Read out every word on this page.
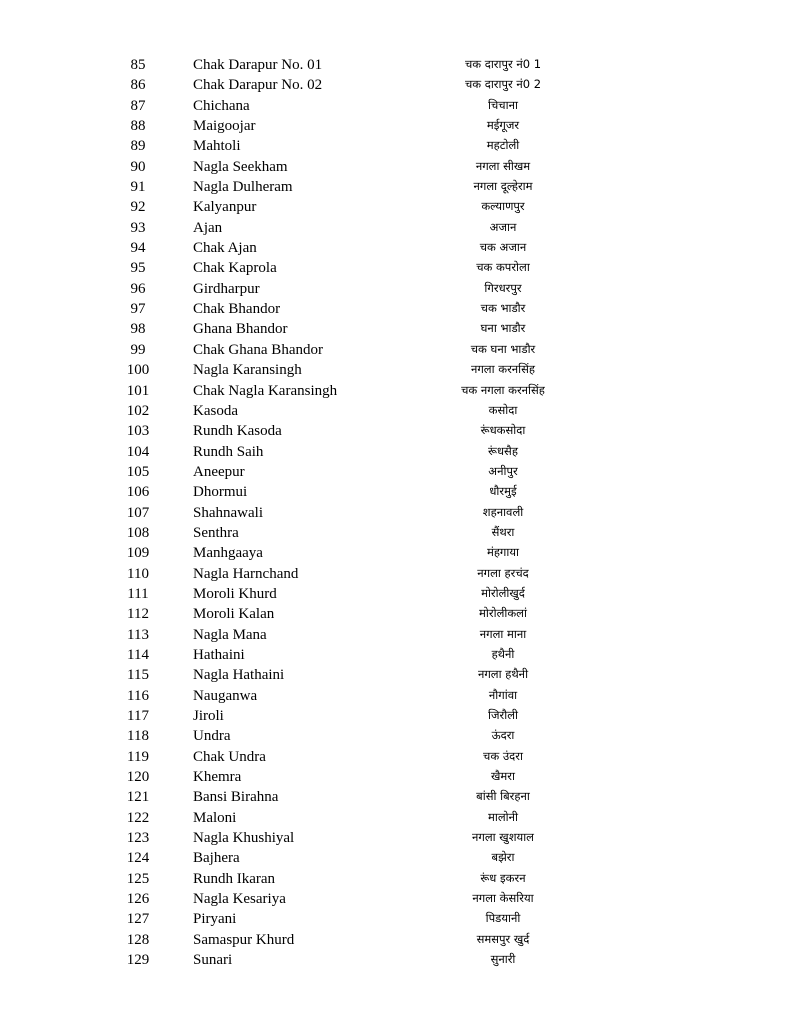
85	Chak Darapur No. 01	चक दारापुर नं0 1
86	Chak Darapur No. 02	चक दारापुर नं0 2
87	Chichana	चिचाना
88	Maigoojar	मईगूजर
89	Mahtoli	महटोली
90	Nagla Seekham	नगला सीखम
91	Nagla Dulheram	नगला दूल्हेराम
92	Kalyanpur	कल्याणपुर
93	Ajan	अजान
94	Chak Ajan	चक अजान
95	Chak Kaprola	चक कपरोला
96	Girdharpur	गिरधरपुर
97	Chak Bhandor	चक भाडौर
98	Ghana Bhandor	घना भाडौर
99	Chak Ghana Bhandor	चक घना भाडौर
100	Nagla Karansingh	नगला करनसिंह
101	Chak Nagla Karansingh	चक नगला करनसिंह
102	Kasoda	कसोदा
103	Rundh Kasoda	रूंधकसोदा
104	Rundh Saih	रूंधसैह
105	Aneepur	अनीपुर
106	Dhormui	धौरमुई
107	Shahnawali	शहनावली
108	Senthra	सैंथरा
109	Manhgaaya	मंहगाया
110	Nagla Harnchand	नगला हरचंद
111	Moroli Khurd	मोरोलीखुर्द
112	Moroli Kalan	मोरोलीकलां
113	Nagla Mana	नगला माना
114	Hathaini	हथैनी
115	Nagla Hathaini	नगला हथैनी
116	Nauganwa	नौगांवा
117	Jiroli	जिरौली
118	Undra	ऊंदरा
119	Chak Undra	चक उंदरा
120	Khemra	खैमरा
121	Bansi Birahna	बांसी बिरहना
122	Maloni	मालोनी
123	Nagla Khushiyal	नगला खुशयाल
124	Bajhera	बझेरा
125	Rundh Ikaran	रूंध इकरन
126	Nagla Kesariya	नगला केसरिया
127	Piryani	पिडयानी
128	Samaspur Khurd	समसपुर खुर्द
129	Sunari	सुनारी
